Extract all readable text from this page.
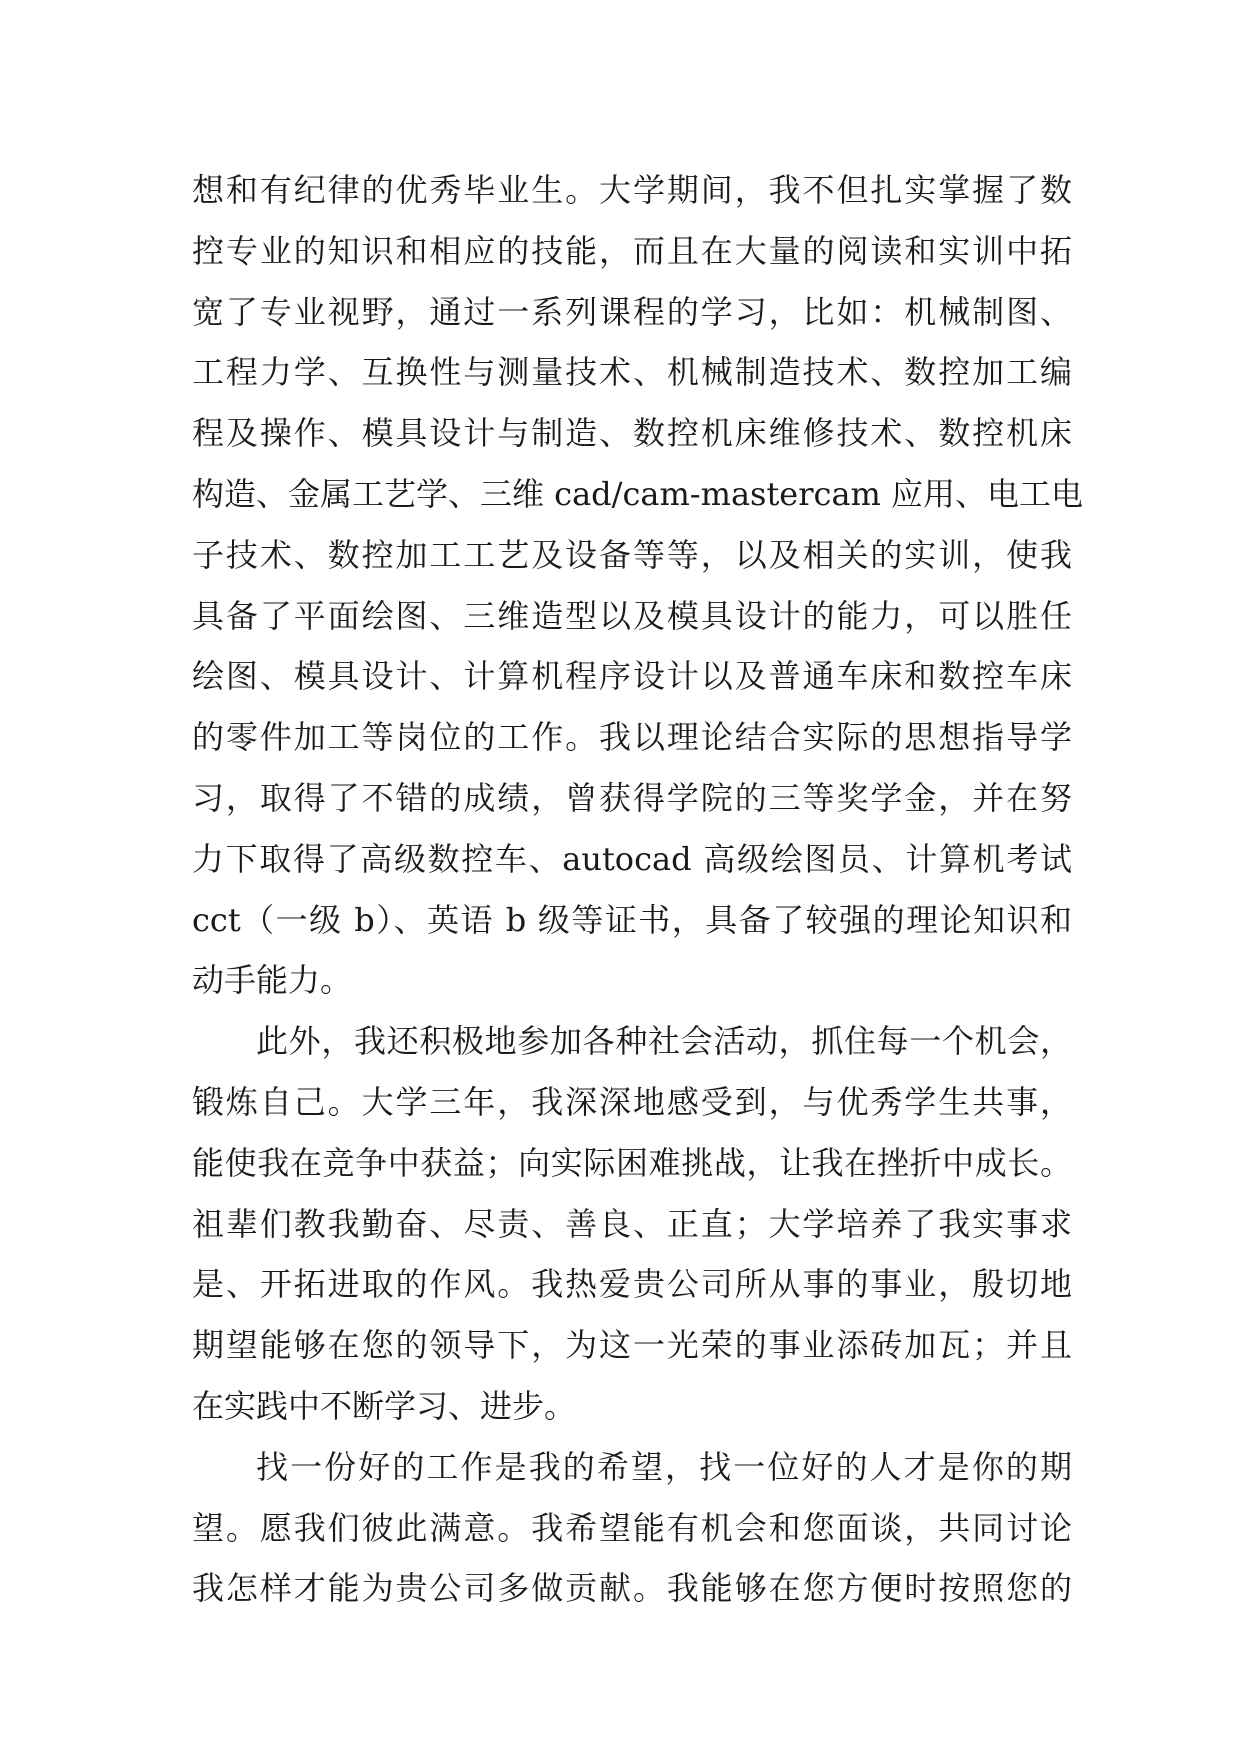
想和有纪律的优秀毕业生。大学期间，我不但扎实掌握了数
控专业的知识和相应的技能，而且在大量的阅读和实训中拓
宽了专业视野，通过一系列课程的学习，比如：机械制图、
工程力学、互换性与测量技术、机械制造技术、数控加工编
程及操作、模具设计与制造、数控机床维修技术、数控机床
构造、金属工艺学、三维 cad/cam-mastercam 应用、电工电
子技术、数控加工工艺及设备等等，以及相关的实训，使我
具备了平面绘图、三维造型以及模具设计的能力，可以胜任
绘图、模具设计、计算机程序设计以及普通车床和数控车床
的零件加工等岗位的工作。我以理论结合实际的思想指导学
习，取得了不错的成绩，曾获得学院的三等奖学金，并在努
力下取得了高级数控车、autocad 高级绘图员、计算机考试
cct（一级 b）、英语 b 级等证书，具备了较强的理论知识和
动手能力。
此外，我还积极地参加各种社会活动，抓住每一个机会，
锻炼自己。大学三年，我深深地感受到，与优秀学生共事，
能使我在竞争中获益；向实际困难挑战，让我在挫折中成长。
祖辈们教我勤奋、尽责、善良、正直；大学培养了我实事求
是、开拓进取的作风。我热爱贵公司所从事的事业，殷切地
期望能够在您的领导下，为这一光荣的事业添砖加瓦；并且
在实践中不断学习、进步。
找一份好的工作是我的希望，找一位好的人才是你的期
望。愿我们彼此满意。我希望能有机会和您面谈，共同讨论
我怎样才能为贵公司多做贡献。我能够在您方便时按照您的
